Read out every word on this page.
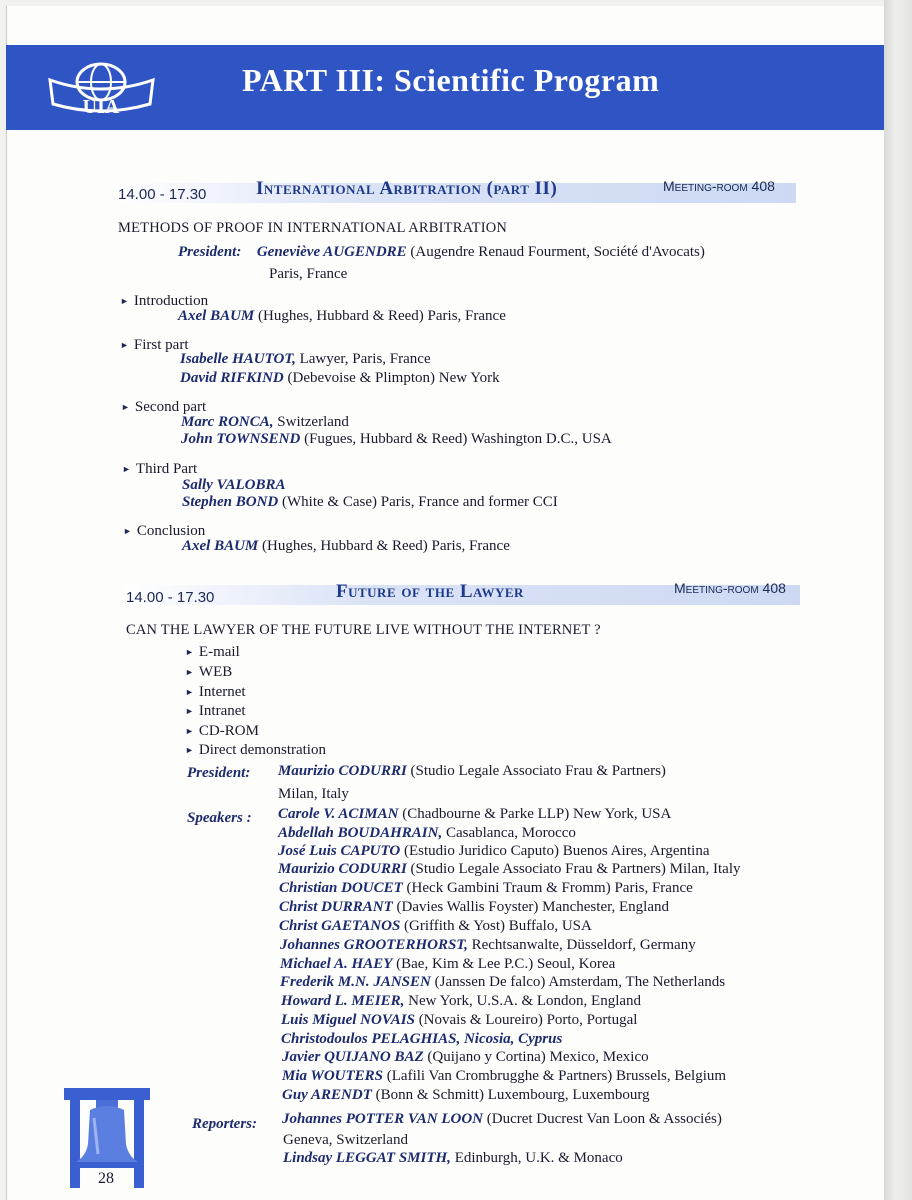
UIA
PART III: Scientific Program
14.00 - 17.30	International Arbitration (part II)	Meeting-room 408
METHODS OF PROOF IN INTERNATIONAL ARBITRATION
President: Geneviève AUGENDRE (Augendre Renaud Fourment, Société d'Avocats)
Paris, France
► Introduction
Axel BAUM (Hughes, Hubbard & Reed) Paris, France
► First part
Isabelle HAUTOT, Lawyer, Paris, France
David RIFKIND (Debevoise & Plimpton) New York
► Second part
Marc RONCA, Switzerland
John TOWNSEND (Fugues, Hubbard & Reed) Washington D.C., USA
► Third Part
Sally VALOBRA
Stephen BOND (White & Case) Paris, France and former CCI
► Conclusion
Axel BAUM (Hughes, Hubbard & Reed) Paris, France
14.00 - 17.30	Future of the Lawyer	Meeting-room 408
CAN THE LAWYER OF THE FUTURE LIVE WITHOUT THE INTERNET ?
► E-mail
► WEB
► Internet
► Intranet
► CD-ROM
► Direct demonstration
President: Maurizio CODURRI (Studio Legale Associato Frau & Partners)
Milan, Italy
Speakers : Carole V. ACIMAN (Chadbourne & Parke LLP) New York, USA
Abdellah BOUDAHRAIN, Casablanca, Morocco
José Luis CAPUTO (Estudio Juridico Caputo) Buenos Aires, Argentina
Maurizio CODURRI (Studio Legale Associato Frau & Partners) Milan, Italy
Christian DOUCET (Heck Gambini Traum & Fromm) Paris, France
Christ DURRANT (Davies Wallis Foyster) Manchester, England
Christ GAETANOS (Griffith & Yost) Buffalo, USA
Johannes GROOTERHORST, Rechtsanwalte, Düsseldorf, Germany
Michael A. HAEY (Bae, Kim & Lee P.C.) Seoul, Korea
Frederik M.N. JANSEN (Janssen De falco) Amsterdam, The Netherlands
Howard L. MEIER, New York, U.S.A. & London, England
Luis Miguel NOVAIS (Novais & Loureiro) Porto, Portugal
Christodoulos PELAGHIAS, Nicosia, Cyprus
Javier QUIJANO BAZ (Quijano y Cortina) Mexico, Mexico
Mia WOUTERS (Lafili Van Crombrugghe & Partners) Brussels, Belgium
Guy ARENDT (Bonn & Schmitt) Luxembourg, Luxembourg
Reporters: Johannes POTTER VAN LOON (Ducret Ducrest Van Loon & Associés)
Geneva, Switzerland
Lindsay LEGGAT SMITH, Edinburgh, U.K. & Monaco
28
